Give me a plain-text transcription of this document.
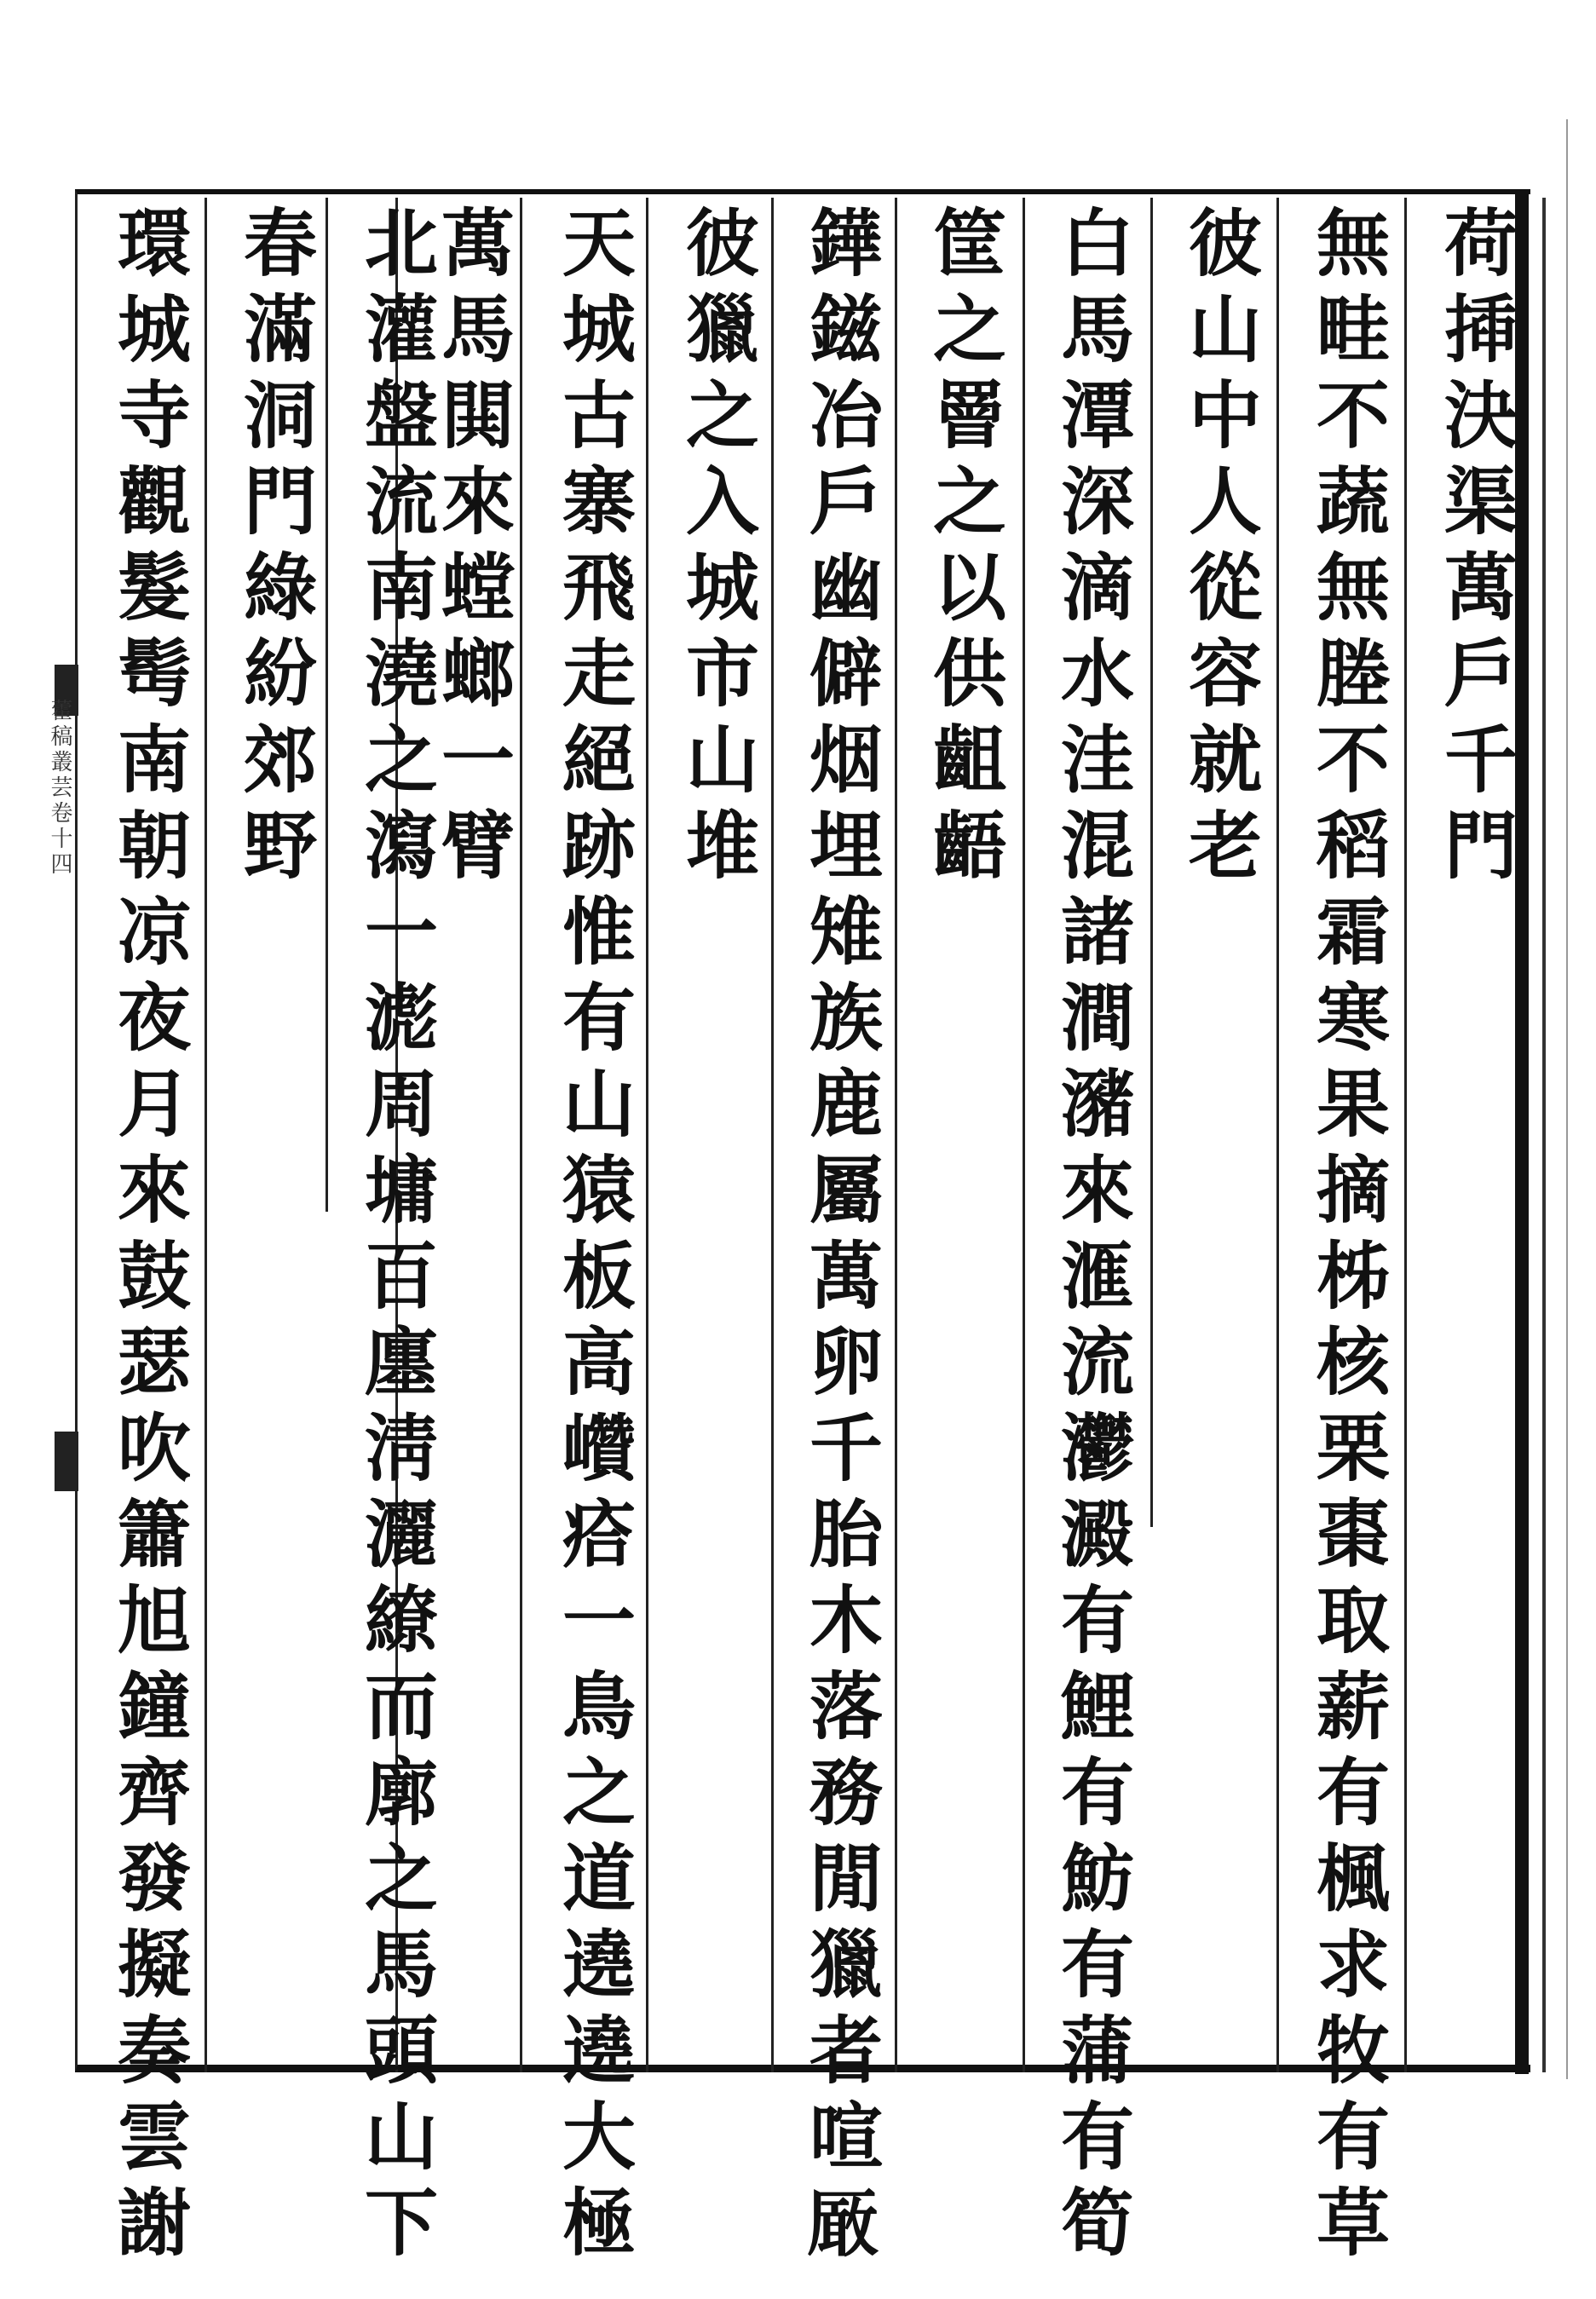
荷揷決渠萬戶千門
無畦不蔬無塍不稻霜寒果摘柹核栗棗取薪有楓求牧有草
彼山中人從容就老
白馬潭深滴水洼混諸澗瀦來滙流灪澱有鯉有魴有蒲有筍
筐之罾之以供齟齬
鏵鎡冶戶幽僻烟埋雉族鹿屬萬卵千胎木落務閒獵者喧𠪚
彼獵之入城市山堆
天城古寨飛走絕跡惟有山猿板高巑㾑一鳥之道遶遶大極
萬馬閧來螳螂一臂
北灌盤流南澆之瀉一滮周墉百廛淸灑繚而廓之馬頭山下
春滿洞門綠紛郊野
環城寺觀髮髩南朝凉夜月來鼓瑟吹簫旭鐘齊發擬奏雲謝
藿稿叢芸卷十四
